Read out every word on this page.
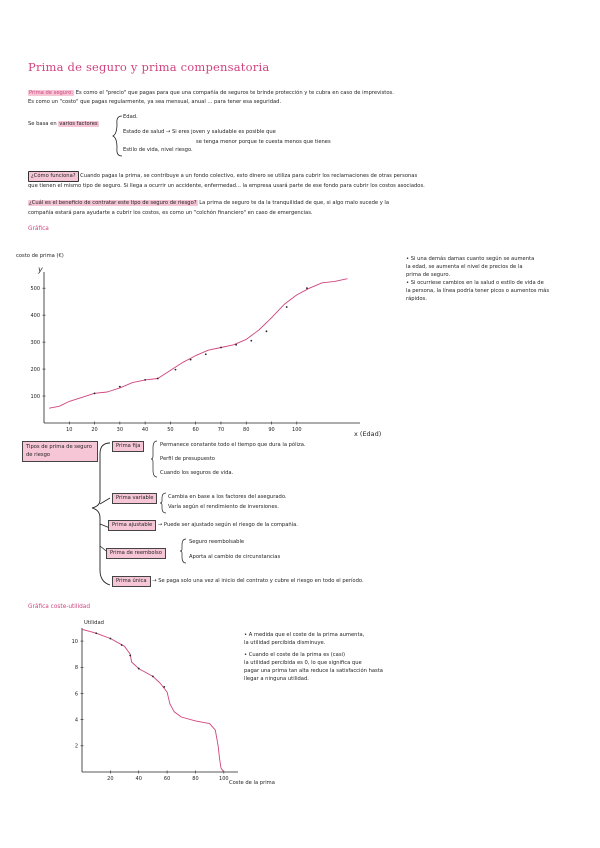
Prima de seguro y prima compensatoria
Prima de seguro: Es como el "precio" que pagas para que una compañía de seguros te brinde protección y te cubra en caso de imprevistos.
Es como un "costo" que pagas regularmente, ya sea mensual, anual ... para tener esa seguridad.
Se basa en varios factores
Edad.
Estado de salud → Si eres joven y saludable es posible que
se tenga menor porque te cuesta menos que tienes
Estilo de vida, nivel riesgo.
¿Cómo funciona? Cuando pagas la prima, se contribuye a un fondo colectivo, esto dinero se utiliza para cubrir los reclamaciones de otras personas
que tienen el mismo tipo de seguro. Si llega a ocurrir un accidente, enfermedad... la empresa usará parte de ese fondo para cubrir los costos asociados.
¿Cuál es el beneficio de contratar este tipo de seguro de riesgo? La prima de seguro te da la tranquilidad de que, si algo malo sucede y la
compañía estará para ayudarte a cubrir los costos, es como un "colchón financiero" en caso de emergencias.
Gráfica
10	20	30	40	50	60	70	80	90	100
100
200
300
400
500
costo de prima (€)
y
x (Edad)
• Si una demás damas cuanto según se aumenta
la edad, se aumenta el nivel de precios de la
prima de seguro.
• Si ocurriese cambios en la salud o estilo de vida de
la persona, la línea podría tener picos o aumentos más
rápidos.
Tipos de prima de seguro de riesgo
Prima fija	Permanece constante todo el tiempo que dura la póliza.
Perfil de presupuesto
Cuando los seguros de vida.
Prima variable	Cambia en base a los factores del asegurado.
Varía según el rendimiento de inversiones.
Prima ajustable → Puede ser ajustado según el riesgo de la compañía.
Prima de reembolso
Seguro reembolsable
Aporta al cambio de circunstancias
Prima única → Se paga solo una vez al inicio del contrato y cubre el riesgo en todo el período.
Gráfica coste-utilidad
20	40	60	80	100
2
4
6
8
10
Utilidad
Coste de la prima
• A medida que el coste de la prima aumenta,
la utilidad percibida disminuye.
• Cuando el coste de la prima es (casi)
la utilidad percibida es 0, lo que significa que
pagar una prima tan alta reduce la satisfacción hasta
llegar a ninguna utilidad.
